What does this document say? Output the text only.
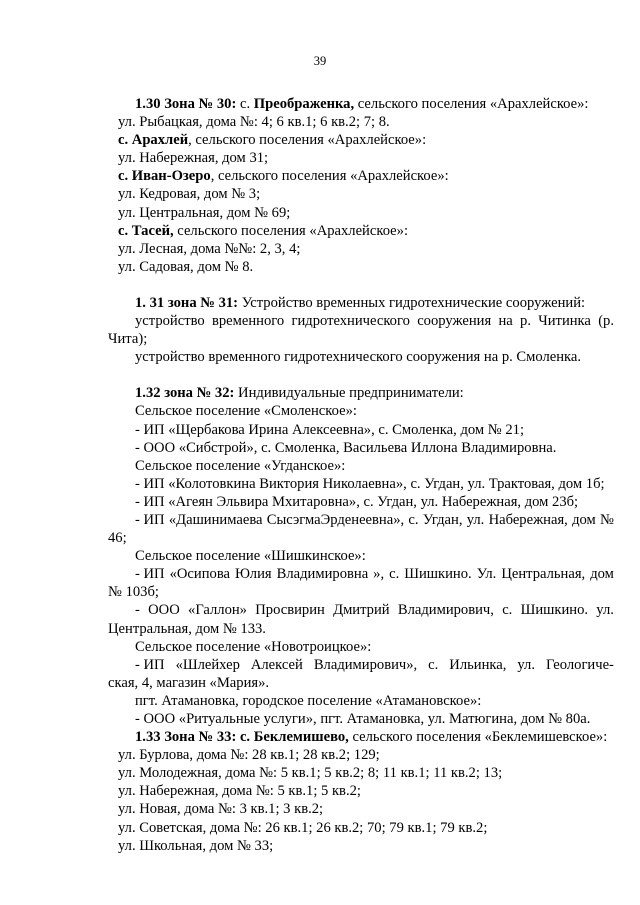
39
1.30 Зона № 30: с. Преображенка, сельского поселения «Арахлейское»:
ул. Рыбацкая, дома №: 4; 6 кв.1; 6 кв.2; 7; 8.
с. Арахлей, сельского поселения «Арахлейское»:
ул. Набережная, дом 31;
с. Иван-Озеро, сельского поселения «Арахлейское»:
ул. Кедровая, дом № 3;
ул. Центральная, дом № 69;
с. Тасей, сельского поселения «Арахлейское»:
ул. Лесная, дома №№: 2, 3, 4;
ул. Садовая, дом № 8.
1. 31 зона № 31: Устройство временных гидротехнические сооружений:
устройство временного гидротехнического сооружения на р. Читинка (р.
Чита);
устройство временного гидротехнического сооружения на р. Смоленка.
1.32 зона № 32: Индивидуальные предприниматели:
Сельское поселение «Смоленское»:
- ИП «Щербакова Ирина Алексеевна», с. Смоленка, дом № 21;
- ООО «Сибстрой», с. Смоленка, Васильева Иллона Владимировна.
Сельское поселение «Угданское»:
- ИП «Колотовкина Виктория Николаевна», с. Угдан, ул. Трактовая, дом 1б;
- ИП «Агеян Эльвира Мхитаровна», с. Угдан, ул. Набережная, дом 23б;
- ИП «Дашинимаева СысэгмаЭрденеевна», с. Угдан, ул. Набережная, дом №
46;
Сельское поселение «Шишкинское»:
- ИП «Осипова Юлия Владимировна », с. Шишкино. Ул. Центральная, дом
№ 103б;
- ООО «Галлон» Просвирин Дмитрий Владимирович, с. Шишкино. ул.
Центральная, дом № 133.
Сельское поселение «Новотроицкое»:
- ИП «Шлейхер Алексей Владимирович», с. Ильинка, ул. Геологиче-
ская, 4, магазин «Мария».
пгт. Атамановка, городское поселение «Атамановское»:
- ООО «Ритуальные услуги», пгт. Атамановка, ул. Матюгина, дом № 80а.
1.33 Зона № 33: с. Беклемишево, сельского поселения «Беклемишевское»:
ул. Бурлова, дома №: 28 кв.1; 28 кв.2; 129;
ул. Молодежная, дома №: 5 кв.1; 5 кв.2; 8; 11 кв.1; 11 кв.2; 13;
ул. Набережная, дома №: 5 кв.1; 5 кв.2;
ул. Новая, дома №: 3 кв.1; 3 кв.2;
ул. Советская, дома №: 26 кв.1; 26 кв.2; 70; 79 кв.1; 79 кв.2;
ул. Школьная, дом № 33;
